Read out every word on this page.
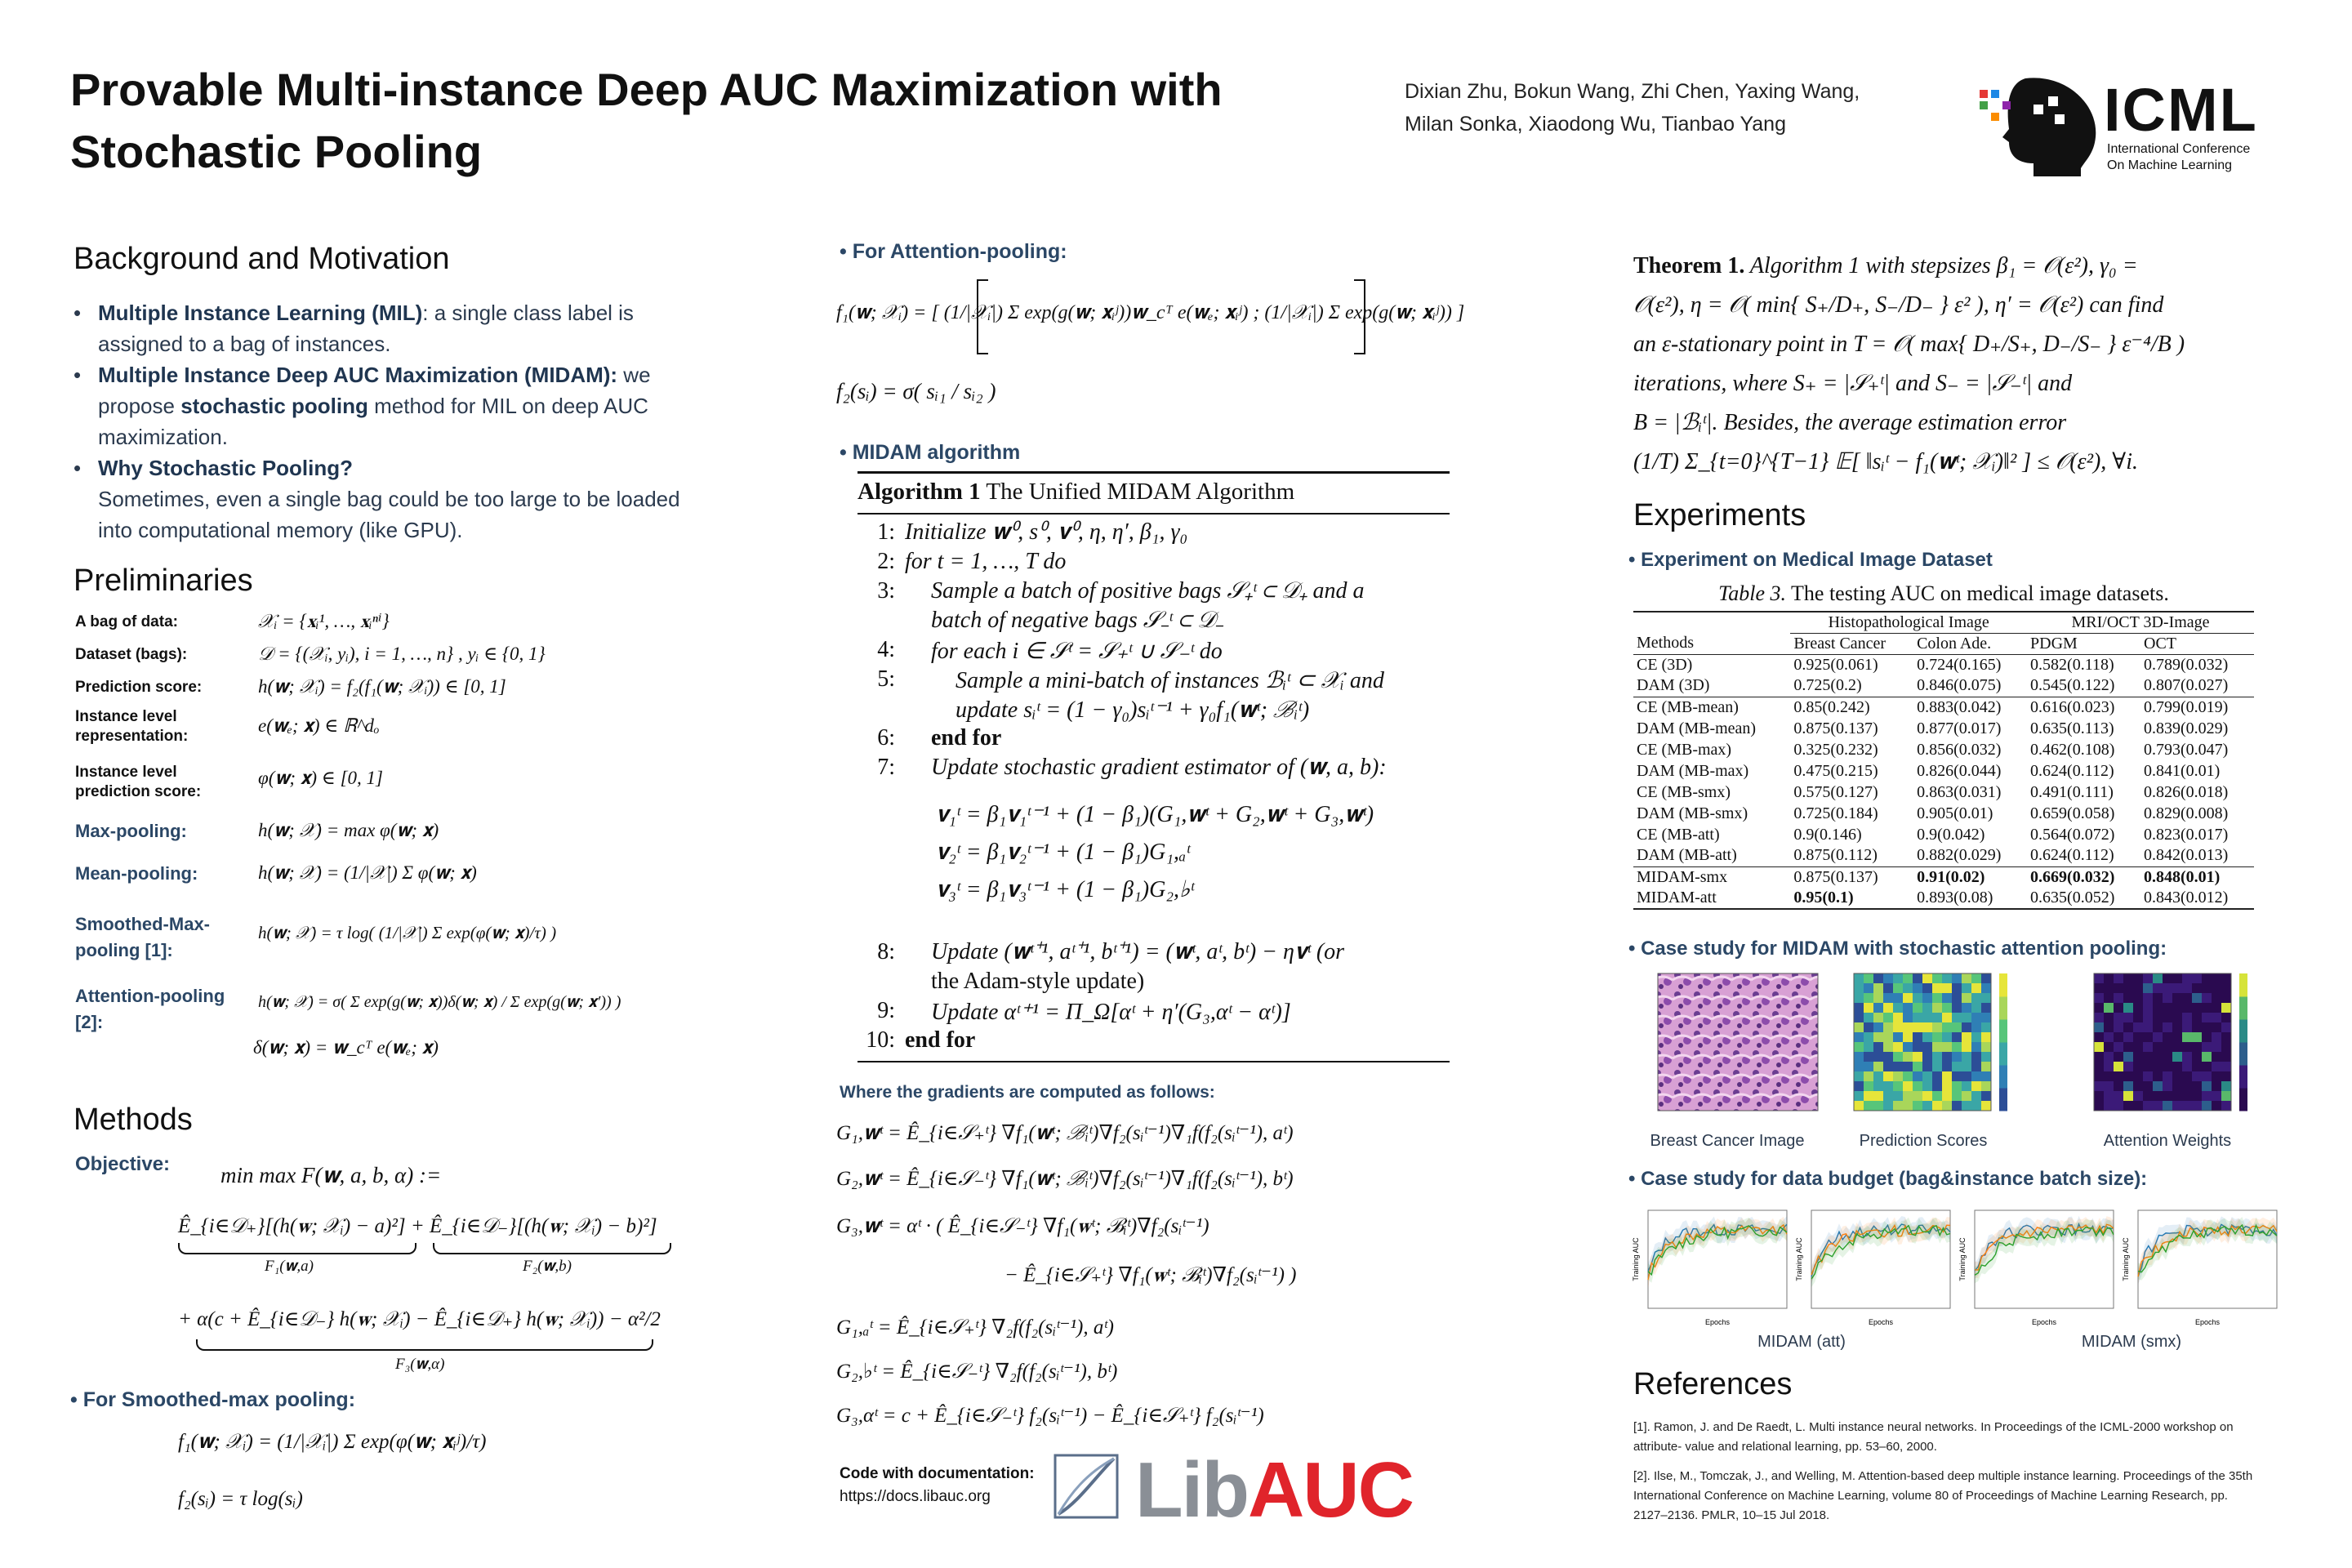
Provable Multi-instance Deep AUC Maximization with Stochastic Pooling
Dixian Zhu, Bokun Wang, Zhi Chen, Yaxing Wang,
Milan Sonka, Xiaodong Wu, Tianbao Yang	ICML
International Conference
On Machine Learning
Background and Motivation
• Multiple Instance Learning (MIL): a single class label is assigned to a bag of instances.
• Multiple Instance Deep AUC Maximization (MIDAM): we propose stochastic pooling method for MIL on deep AUC maximization.
• Why Stochastic Pooling?
Sometimes, even a single bag could be too large to be loaded into computational memory (like GPU).
Preliminaries
A bag of data:	𝒳ᵢ = {𝐱ᵢ¹, …, 𝐱ᵢⁿⁱ}
Dataset (bags):	𝒟 = {(𝒳ᵢ, yᵢ), i = 1, …, n} , yᵢ ∈ {0, 1}
Prediction score:	h(𝐰; 𝒳ᵢ) = f₂(f₁(𝐰; 𝒳ᵢ)) ∈ [0, 1]
Instance level representation:
e(𝐰ₑ; 𝐱) ∈ ℝ^dₒ
Instance level prediction score:
φ(𝐰; 𝐱) ∈ [0, 1]
Max-pooling:	h(𝐰; 𝒳) = max φ(𝐰; 𝐱)
Mean-pooling:	h(𝐰; 𝒳) = (1/|𝒳|) Σ φ(𝐰; 𝐱)
Smoothed-Max-pooling [1]:
h(𝐰; 𝒳) = τ log( (1/|𝒳|) Σ exp(φ(𝐰; 𝐱)/τ) )
Attention-pooling [2]:
h(𝐰; 𝒳) = σ( Σ exp(g(𝐰; 𝐱))δ(𝐰; 𝐱) / Σ exp(g(𝐰; 𝐱′)) )
δ(𝐰; 𝐱) = 𝐰_cᵀ e(𝐰ₑ; 𝐱)
Methods
Objective: min max F(𝐰, a, b, α) :=
Ê_{i∈𝒟₊}[(h(𝐰; 𝒳ᵢ) − a)²] + Ê_{i∈𝒟₋}[(h(𝐰; 𝒳ᵢ) − b)²]
F₁(𝐰,a)	F₂(𝐰,b)
+ α(c + Ê_{i∈𝒟₋} h(𝐰; 𝒳ᵢ) − Ê_{i∈𝒟₊} h(𝐰; 𝒳ᵢ)) − α²/2
F₃(𝐰,α)
• For Smoothed-max pooling:
f₁(𝐰; 𝒳ᵢ) = (1/|𝒳ᵢ|) Σ exp(φ(𝐰; 𝐱ᵢʲ)/τ)
f₂(sᵢ) = τ log(sᵢ)
• For Attention-pooling:
f₁(𝐰; 𝒳ᵢ) = [ (1/|𝒳ᵢ|) Σ exp(g(𝐰; 𝐱ᵢʲ))𝐰_cᵀ e(𝐰ₑ; 𝐱ᵢʲ) ; (1/|𝒳ᵢ|) Σ exp(g(𝐰; 𝐱ᵢʲ)) ]
f₂(sᵢ) = σ( sᵢ₁ / sᵢ₂ )
• MIDAM algorithm
Algorithm 1 The Unified MIDAM Algorithm
1: Initialize 𝐰⁰, s⁰, 𝐯⁰, η, η′, β₁, γ₀
2: for t = 1, …, T do
3: Sample a batch of positive bags 𝒮₊ᵗ ⊂ 𝒟₊ and a
batch of negative bags 𝒮₋ᵗ ⊂ 𝒟₋
4: for each i ∈ 𝒮ᵗ = 𝒮₊ᵗ ∪ 𝒮₋ᵗ do
5:	Sample a mini-batch of instances ℬᵢᵗ ⊂ 𝒳ᵢ and
update sᵢᵗ = (1 − γ₀)sᵢᵗ⁻¹ + γ₀f₁(𝐰ᵗ; ℬᵢᵗ)
6: end for
7: Update stochastic gradient estimator of (𝐰, a, b):
𝐯₁ᵗ = β₁𝐯₁ᵗ⁻¹ + (1 − β₁)(G₁,𝐰ᵗ + G₂,𝐰ᵗ + G₃,𝐰ᵗ)
𝐯₂ᵗ = β₁𝐯₂ᵗ⁻¹ + (1 − β₁)G₁,ₐᵗ
𝐯₃ᵗ = β₁𝐯₃ᵗ⁻¹ + (1 − β₁)G₂,♭ᵗ
8: Update (𝐰ᵗ⁺¹, aᵗ⁺¹, bᵗ⁺¹) = (𝐰ᵗ, aᵗ, bᵗ) − η𝐯ᵗ (or
the Adam-style update)
9: Update αᵗ⁺¹ = Π_Ω[αᵗ + η′(G₃,αᵗ − αᵗ)]
10: end for
Where the gradients are computed as follows:
G₁,𝐰ᵗ = Ê_{i∈𝒮₊ᵗ} ∇f₁(𝐰ᵗ; ℬᵢᵗ)∇f₂(sᵢᵗ⁻¹)∇₁f(f₂(sᵢᵗ⁻¹), aᵗ)
G₂,𝐰ᵗ = Ê_{i∈𝒮₋ᵗ} ∇f₁(𝐰ᵗ; ℬᵢᵗ)∇f₂(sᵢᵗ⁻¹)∇₁f(f₂(sᵢᵗ⁻¹), bᵗ)
G₃,𝐰ᵗ = αᵗ · ( Ê_{i∈𝒮₋ᵗ} ∇f₁(𝐰ᵗ; ℬᵢᵗ)∇f₂(sᵢᵗ⁻¹)
− Ê_{i∈𝒮₊ᵗ} ∇f₁(𝐰ᵗ; ℬᵢᵗ)∇f₂(sᵢᵗ⁻¹) )
G₁,ₐᵗ = Ê_{i∈𝒮₊ᵗ} ∇₂f(f₂(sᵢᵗ⁻¹), aᵗ)
G₂,♭ᵗ = Ê_{i∈𝒮₋ᵗ} ∇₂f(f₂(sᵢᵗ⁻¹), bᵗ)
G₃,αᵗ = c + Ê_{i∈𝒮₋ᵗ} f₂(sᵢᵗ⁻¹) − Ê_{i∈𝒮₊ᵗ} f₂(sᵢᵗ⁻¹)
Code with documentation:
https://docs.libauc.org LibAUC
Theorem 1. Algorithm 1 with stepsizes β₁ = 𝒪(ε²), γ₀ =
𝒪(ε²), η = 𝒪( min{ S₊/D₊, S₋/D₋ } ε² ), η′ = 𝒪(ε²) can find
an ε-stationary point in T = 𝒪( max{ D₊/S₊, D₋/S₋ } ε⁻⁴/B )
iterations, where S₊ = |𝒮₊ᵗ| and S₋ = |𝒮₋ᵗ| and
B = |ℬᵢᵗ|. Besides, the average estimation error
(1/T) Σ_{t=0}^{T−1} 𝔼[ ‖sᵢᵗ − f₁(𝐰ᵗ; 𝒳ᵢ)‖² ] ≤ 𝒪(ε²), ∀i.
Experiments
• Experiment on Medical Image Dataset
Table 3. The testing AUC on medical image datasets.
	Histopathological Image		MRI/OCT 3D-Image	
Methods	Breast Cancer	Colon Ade.	PDGM	OCT
CE (3D)	0.925(0.061)	0.724(0.165)	0.582(0.118)	0.789(0.032)
DAM (3D)	0.725(0.2)	0.846(0.075)	0.545(0.122)	0.807(0.027)
CE (MB-mean)	0.85(0.242)	0.883(0.042)	0.616(0.023)	0.799(0.019)
DAM (MB-mean)	0.875(0.137)	0.877(0.017)	0.635(0.113)	0.839(0.029)
CE (MB-max)	0.325(0.232)	0.856(0.032)	0.462(0.108)	0.793(0.047)
DAM (MB-max)	0.475(0.215)	0.826(0.044)	0.624(0.112)	0.841(0.01)
CE (MB-smx)	0.575(0.127)	0.863(0.031)	0.491(0.111)	0.826(0.018)
DAM (MB-smx)	0.725(0.184)	0.905(0.01)	0.659(0.058)	0.829(0.008)
CE (MB-att)	0.9(0.146)	0.9(0.042)	0.564(0.072)	0.823(0.017)
DAM (MB-att)	0.875(0.112)	0.882(0.029)	0.624(0.112)	0.842(0.013)
MIDAM-smx	0.875(0.137)	0.91(0.02)	0.669(0.032)	0.848(0.01)
MIDAM-att	0.95(0.1)	0.893(0.08)	0.635(0.052)	0.843(0.012)
• Case study for MIDAM with stochastic attention pooling:
Breast Cancer Image	Prediction Scores	Attention Weights
• Case study for data budget (bag&instance batch size):
Epochs
Training AUC
Epochs
Training AUC
Epochs
Training AUC
Epochs
Training AUC
MIDAM (att)	MIDAM (smx)
References
[1]. Ramon, J. and De Raedt, L. Multi instance neural networks. In Proceedings of the ICML-2000 workshop on attribute- value and relational learning, pp. 53–60, 2000.
[2]. Ilse, M., Tomczak, J., and Welling, M. Attention-based deep multiple instance learning. Proceedings of the 35th International Conference on Machine Learning, volume 80 of Proceedings of Machine Learning Research, pp. 2127–2136. PMLR, 10–15 Jul 2018.
